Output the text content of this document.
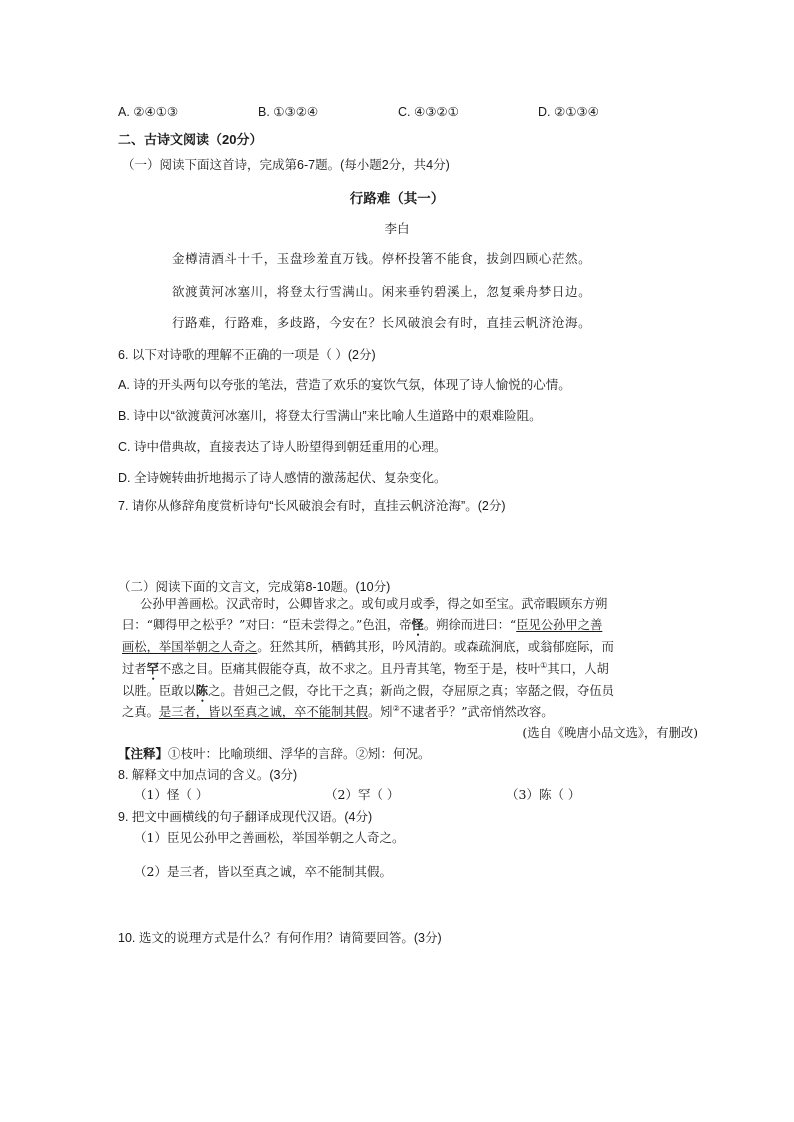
A. ②④①③	B. ①③②④	C. ④③②①	D. ②①③④
二、古诗文阅读（20分）
（一）阅读下面这首诗，完成第6-7题。(每小题2分，共4分)
行路难（其一）
李白
金樽清酒斗十千，玉盘珍羞直万钱。停杯投箸不能食，拔剑四顾心茫然。
欲渡黄河冰塞川，将登太行雪满山。闲来垂钓碧溪上，忽复乘舟梦日边。
行路难，行路难，多歧路，今安在？长风破浪会有时，直挂云帆济沧海。
6. 以下对诗歌的理解不正确的一项是（ ）(2分)
A. 诗的开头两句以夸张的笔法，营造了欢乐的宴饮气氛，体现了诗人愉悦的心情。
B. 诗中以“欲渡黄河冰塞川，将登太行雪满山”来比喻人生道路中的艰难险阻。
C. 诗中借典故，直接表达了诗人盼望得到朝廷重用的心理。
D. 全诗婉转曲折地揭示了诗人感情的激荡起伏、复杂变化。
7. 请你从修辞角度赏析诗句“长风破浪会有时，直挂云帆济沧海”。(2分)
（二）阅读下面的文言文，完成第8-10题。(10分)
公孙甲善画松。汉武帝时，公卿皆求之。或旬或月或季，得之如至宝。武帝暇顾东方朔
曰：“卿得甲之松乎？”对曰：“臣未尝得之。”色沮，帝怪。朔徐而进曰：“臣见公孙甲之善
画松，举国举朝之人奇之。狂然其所，栖鹤其形，吟风清韵。或森疏涧底，或翁郁庭际，而
过者罕不惑之目。臣痛其假能夺真，故不求之。且丹青其笔，物至于是，枝叶①其口，人胡
以胜。臣敢以陈之。昔妲己之假，夺比干之真；新尚之假，夺屈原之真；宰嚭之假，夺伍员
之真。是三者，皆以至真之诚，卒不能制其假。矧②不逮者乎？”武帝悄然改容。
(选自《晚唐小品文选》，有删改)
【注释】①枝叶：比喻琐细、浮华的言辞。②矧：何况。
8. 解释文中加点词的含义。(3分)
（1）怪（ ）	（2）罕（ ）	（3）陈（ ）
9. 把文中画横线的句子翻译成现代汉语。(4分)
（1）臣见公孙甲之善画松，举国举朝之人奇之。
（2）是三者，皆以至真之诚，卒不能制其假。
10. 选文的说理方式是什么？有何作用？请简要回答。(3分)
